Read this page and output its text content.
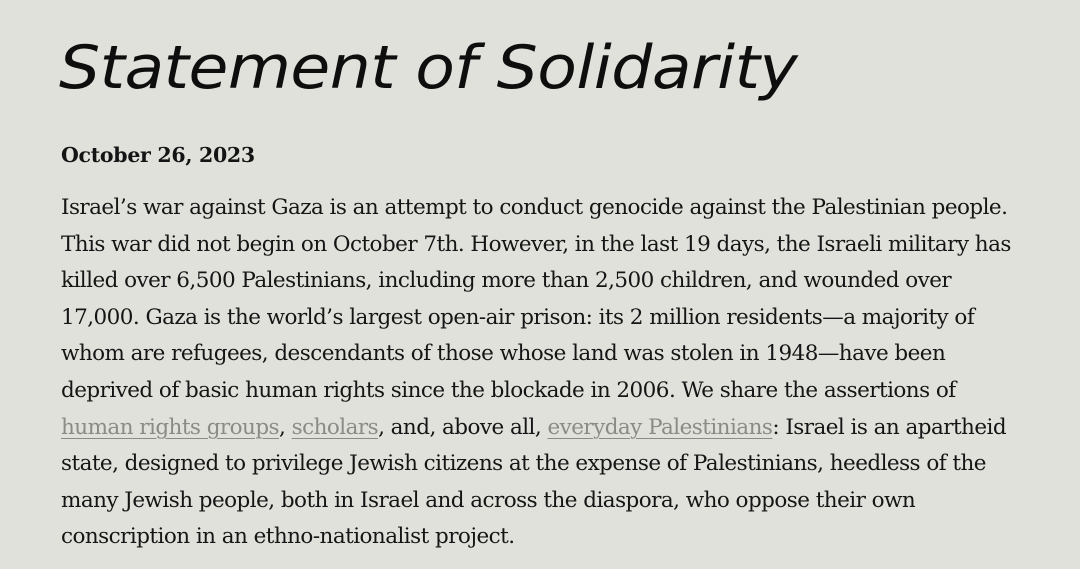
Statement of Solidarity
October 26, 2023

Israel’s war against Gaza is an attempt to conduct genocide against the Palestinian people.
This war did not begin on October 7th. However, in the last 19 days, the Israeli military has
killed over 6,500 Palestinians, including more than 2,500 children, and wounded over
17,000. Gaza is the world’s largest open-air prison: its 2 million residents—a majority of
whom are refugees, descendants of those whose land was stolen in 1948—have been
deprived of basic human rights since the blockade in 2006. We share the assertions of
human rights groups, scholars, and, above all, everyday Palestinians: Israel is an apartheid
state, designed to privilege Jewish citizens at the expense of Palestinians, heedless of the
many Jewish people, both in Israel and across the diaspora, who oppose their own
conscription in an ethno-nationalist project.
